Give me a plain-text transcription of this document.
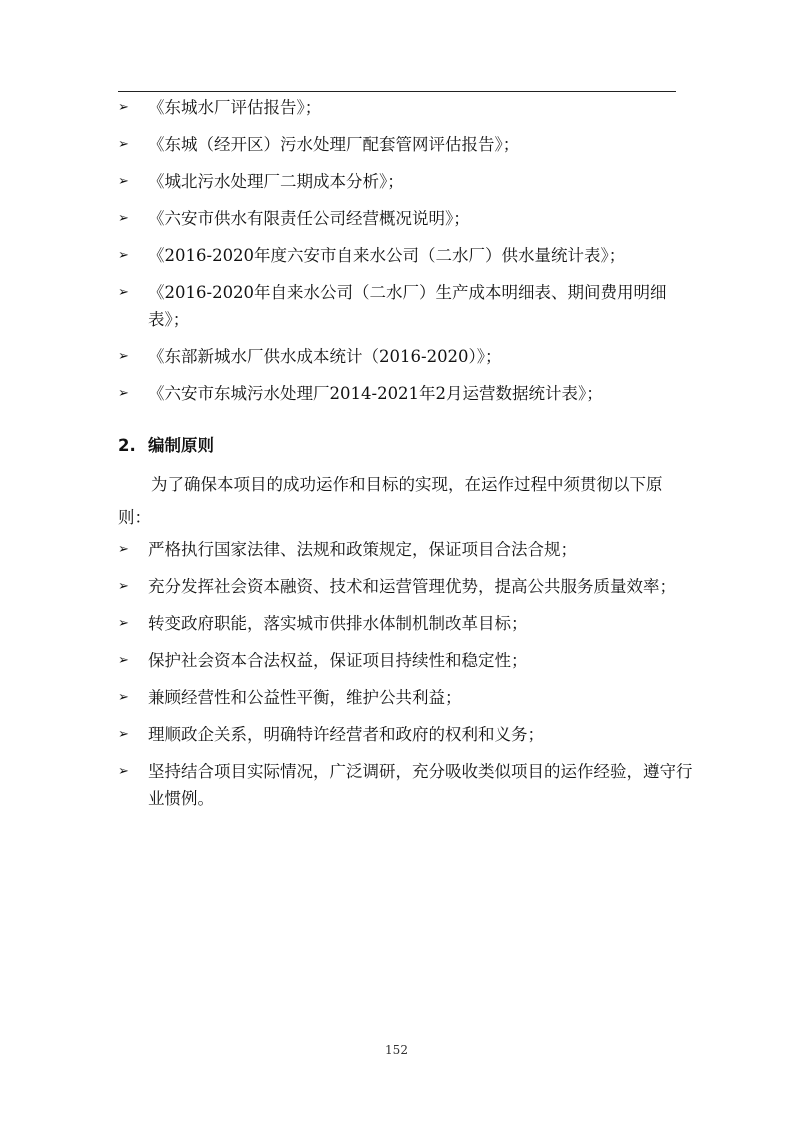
➢ 《东城水厂评估报告》；
➢ 《东城（经开区）污水处理厂配套管网评估报告》；
➢ 《城北污水处理厂二期成本分析》；
➢ 《六安市供水有限责任公司经营概况说明》；
➢ 《2016-2020年度六安市自来水公司（二水厂）供水量统计表》；
➢ 《2016-2020年自来水公司（二水厂）生产成本明细表、期间费用明细表》；
➢ 《东部新城水厂供水成本统计（2016-2020）》；
➢ 《六安市东城污水处理厂2014-2021年2月运营数据统计表》；
2. 编制原则

为了确保本项目的成功运作和目标的实现，在运作过程中须贯彻以下原则：

➢ 严格执行国家法律、法规和政策规定，保证项目合法合规；
➢ 充分发挥社会资本融资、技术和运营管理优势，提高公共服务质量效率；
➢ 转变政府职能，落实城市供排水体制机制改革目标；
➢ 保护社会资本合法权益，保证项目持续性和稳定性；
➢ 兼顾经营性和公益性平衡，维护公共利益；
➢ 理顺政企关系，明确特许经营者和政府的权利和义务；
➢ 坚持结合项目实际情况，广泛调研，充分吸收类似项目的运作经验，遵守行业惯例。
152
